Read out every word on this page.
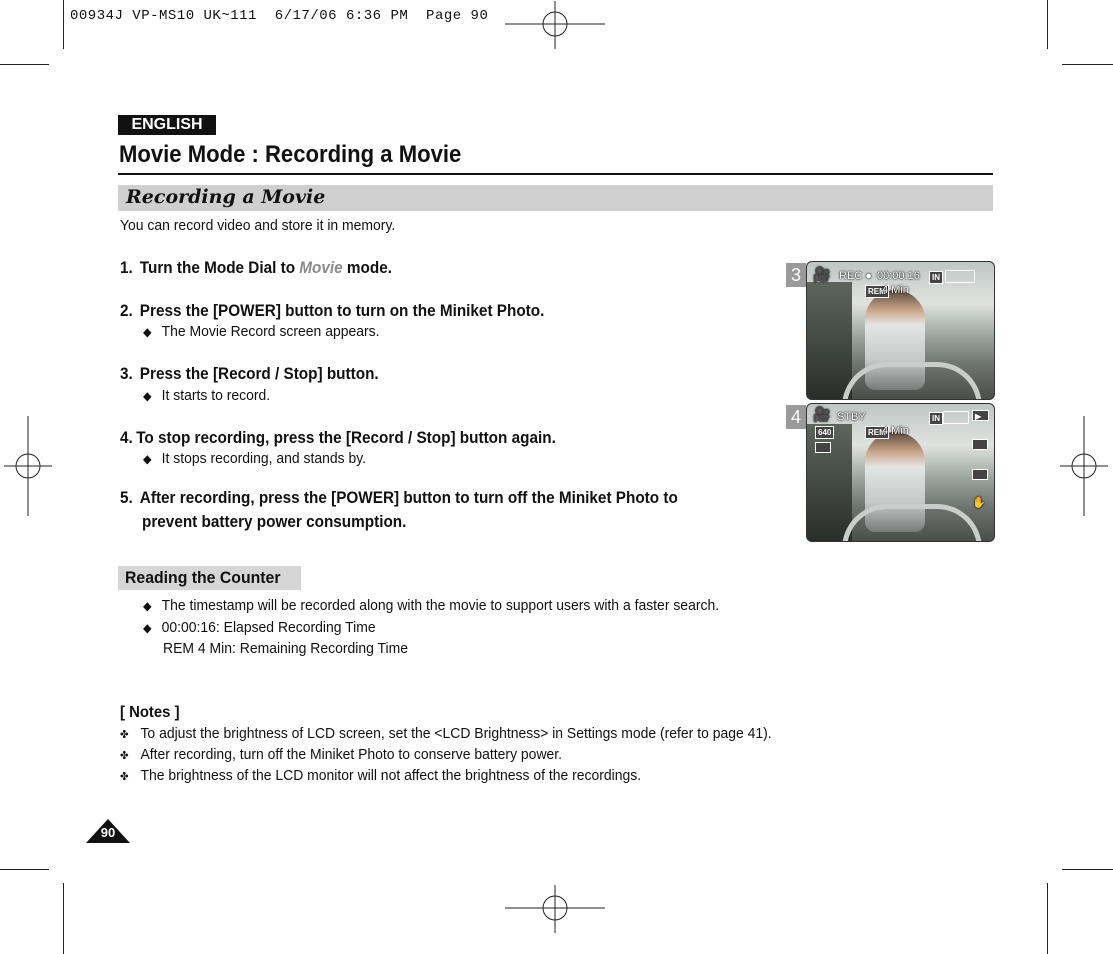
00934J VP-MS10 UK~111  6/17/06 6:36 PM  Page 90
ENGLISH
Movie Mode : Recording a Movie
Recording a Movie
You can record video and store it in memory.
1. Turn the Mode Dial to Movie mode.
2. Press the [POWER] button to turn on the Miniket Photo.
◆ The Movie Record screen appears.
3. Press the [Record / Stop] button.
◆ It starts to record.
4. To stop recording, press the [Record / Stop] button again.
◆ It stops recording, and stands by.
5. After recording, press the [POWER] button to turn off the Miniket Photo to
prevent battery power consumption.
3 🎥 REC ● 00:00:16	IN
REM
4 Min
4 🎥 STBY
640
IN	▶
REM
4 Min
✋
Reading the Counter
◆ The timestamp will be recorded along with the movie to support users with a faster search.
◆ 00:00:16: Elapsed Recording Time
REM 4 Min: Remaining Recording Time
[ Notes ]
✤ To adjust the brightness of LCD screen, set the <LCD Brightness> in Settings mode (refer to page 41).
✤ After recording, turn off the Miniket Photo to conserve battery power.
✤ The brightness of the LCD monitor will not affect the brightness of the recordings.
90
